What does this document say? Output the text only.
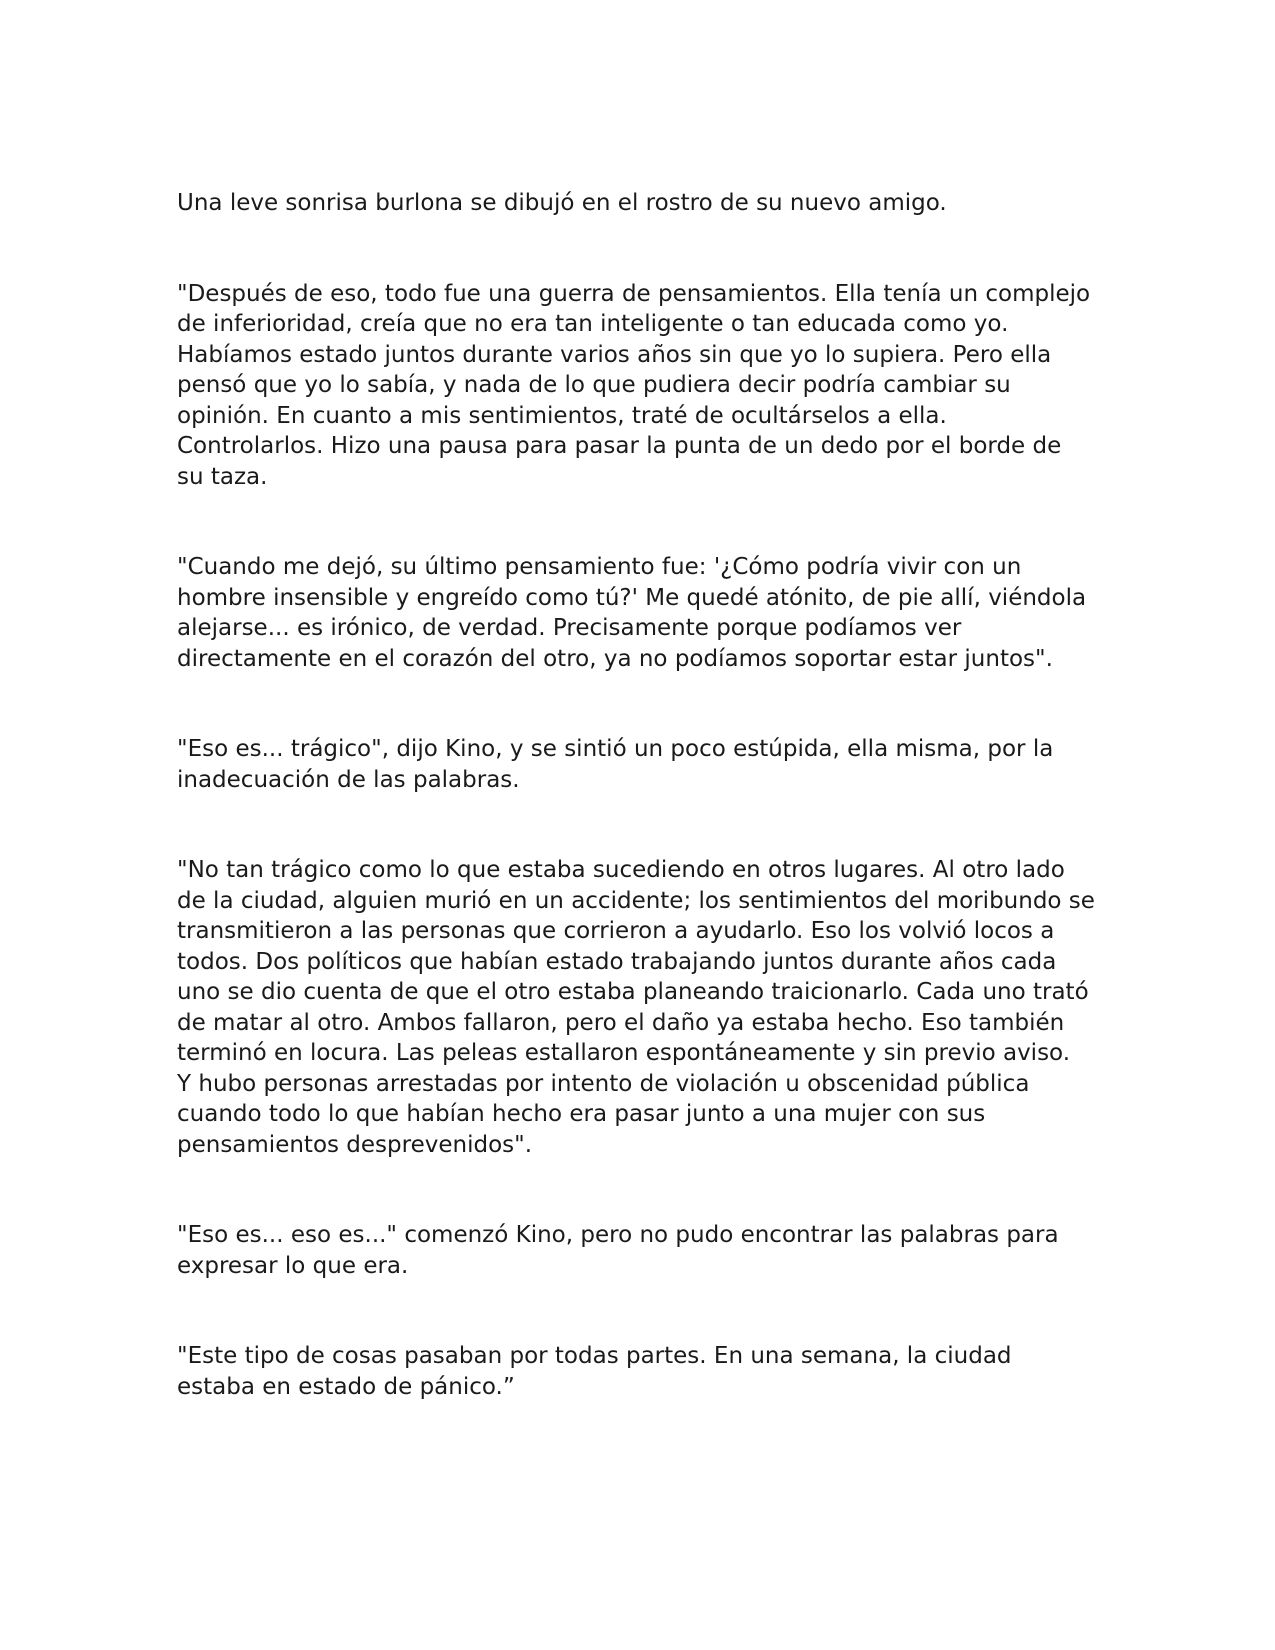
Una leve sonrisa burlona se dibujó en el rostro de su nuevo amigo.

"Después de eso, todo fue una guerra de pensamientos. Ella tenía un complejo
de inferioridad, creía que no era tan inteligente o tan educada como yo.
Habíamos estado juntos durante varios años sin que yo lo supiera. Pero ella
pensó que yo lo sabía, y nada de lo que pudiera decir podría cambiar su
opinión. En cuanto a mis sentimientos, traté de ocultárselos a ella.
Controlarlos. Hizo una pausa para pasar la punta de un dedo por el borde de
su taza.

"Cuando me dejó, su último pensamiento fue: '¿Cómo podría vivir con un
hombre insensible y engreído como tú?' Me quedé atónito, de pie allí, viéndola
alejarse... es irónico, de verdad. Precisamente porque podíamos ver
directamente en el corazón del otro, ya no podíamos soportar estar juntos".

"Eso es... trágico", dijo Kino, y se sintió un poco estúpida, ella misma, por la
inadecuación de las palabras.

"No tan trágico como lo que estaba sucediendo en otros lugares. Al otro lado
de la ciudad, alguien murió en un accidente; los sentimientos del moribundo se
transmitieron a las personas que corrieron a ayudarlo. Eso los volvió locos a
todos. Dos políticos que habían estado trabajando juntos durante años cada
uno se dio cuenta de que el otro estaba planeando traicionarlo. Cada uno trató
de matar al otro. Ambos fallaron, pero el daño ya estaba hecho. Eso también
terminó en locura. Las peleas estallaron espontáneamente y sin previo aviso.
Y hubo personas arrestadas por intento de violación u obscenidad pública
cuando todo lo que habían hecho era pasar junto a una mujer con sus
pensamientos desprevenidos".

"Eso es... eso es..." comenzó Kino, pero no pudo encontrar las palabras para
expresar lo que era.

"Este tipo de cosas pasaban por todas partes. En una semana, la ciudad
estaba en estado de pánico.”
